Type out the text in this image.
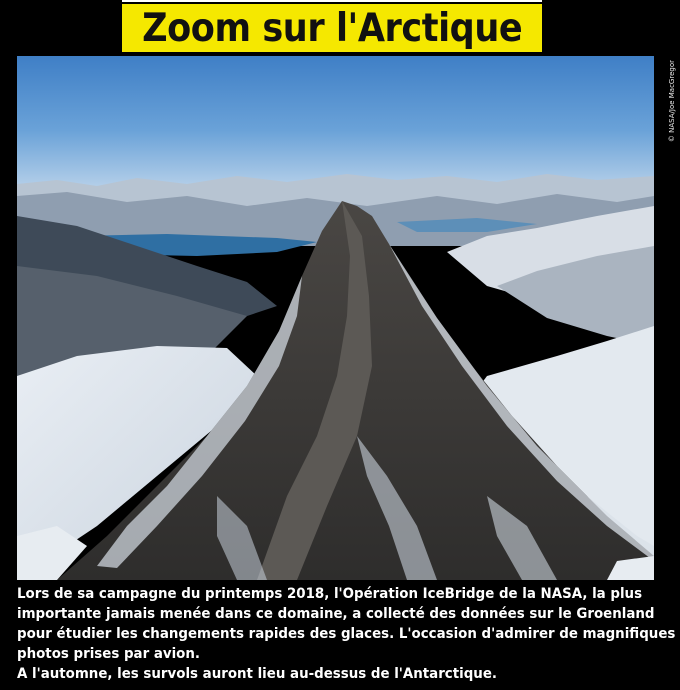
Zoom sur l'Arctique
© NASA/Joe MacGregor

Lors de sa campagne du printemps 2018, l'Opération IceBridge de la NASA, la plus

importante jamais menée dans ce domaine, a collecté des données sur le Groenland

pour étudier les changements rapides des glaces. L'occasion d'admirer de magnifiques

photos prises par avion.

A l'automne, les survols auront lieu au-dessus de l'Antarctique.
